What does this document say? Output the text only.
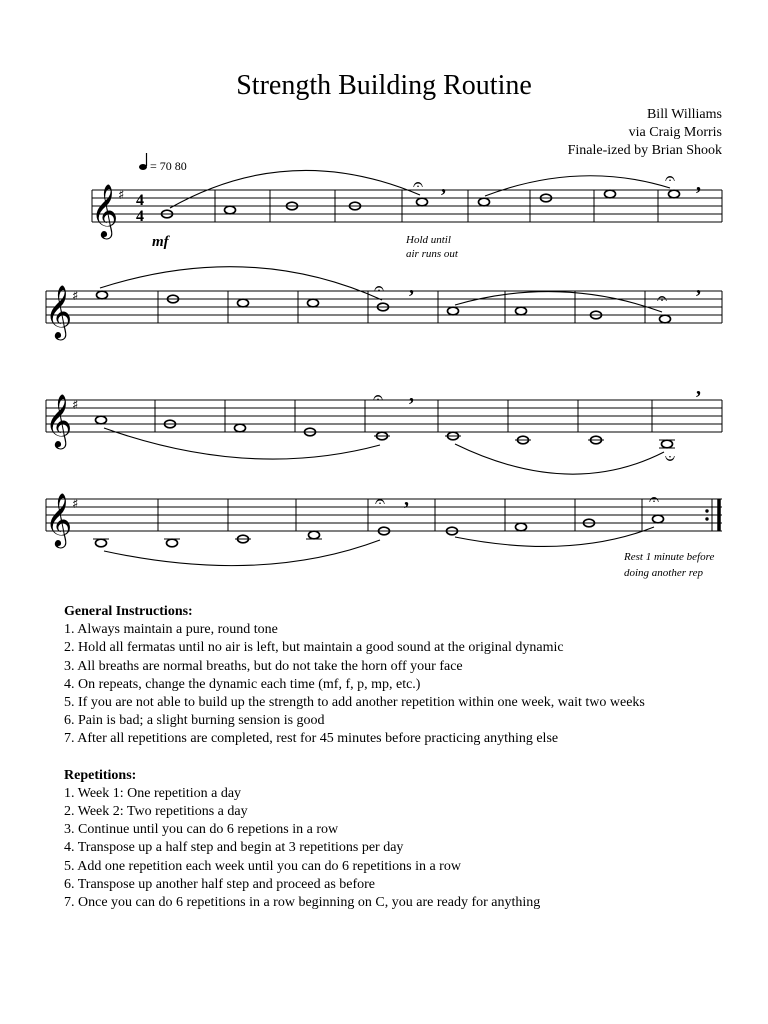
Strength Building Routine
Bill Williams
via Craig Morris
Finale-ized by Brian Shook
= 70 80
𝄞 ♯ 4
4
𝄐	𝄐
,	,
mf	Hold until
air runs out
𝄞 ♯	𝄐	𝄐
,	,
𝄞 ♯	𝄐
𝄐
,	,
𝄞 ♯	𝄐	𝄐
,
Rest 1 minute before
doing another rep
General Instructions:
1. Always maintain a pure, round tone
2. Hold all fermatas until no air is left, but maintain a good sound at the original dynamic
3. All breaths are normal breaths, but do not take the horn off your face
4. On repeats, change the dynamic each time (mf, f, p, mp, etc.)
5. If you are not able to build up the strength to add another repetition within one week, wait two weeks
6. Pain is bad; a slight burning sension is good
7. After all repetitions are completed, rest for 45 minutes before practicing anything else
Repetitions:
1. Week 1: One repetition a day
2. Week 2: Two repetitions a day
3. Continue until you can do 6 repetions in a row
4. Transpose up a half step and begin at 3 repetitions per day
5. Add one repetition each week until you can do 6 repetitions in a row
6. Transpose up another half step and proceed as before
7. Once you can do 6 repetitions in a row beginning on C, you are ready for anything
